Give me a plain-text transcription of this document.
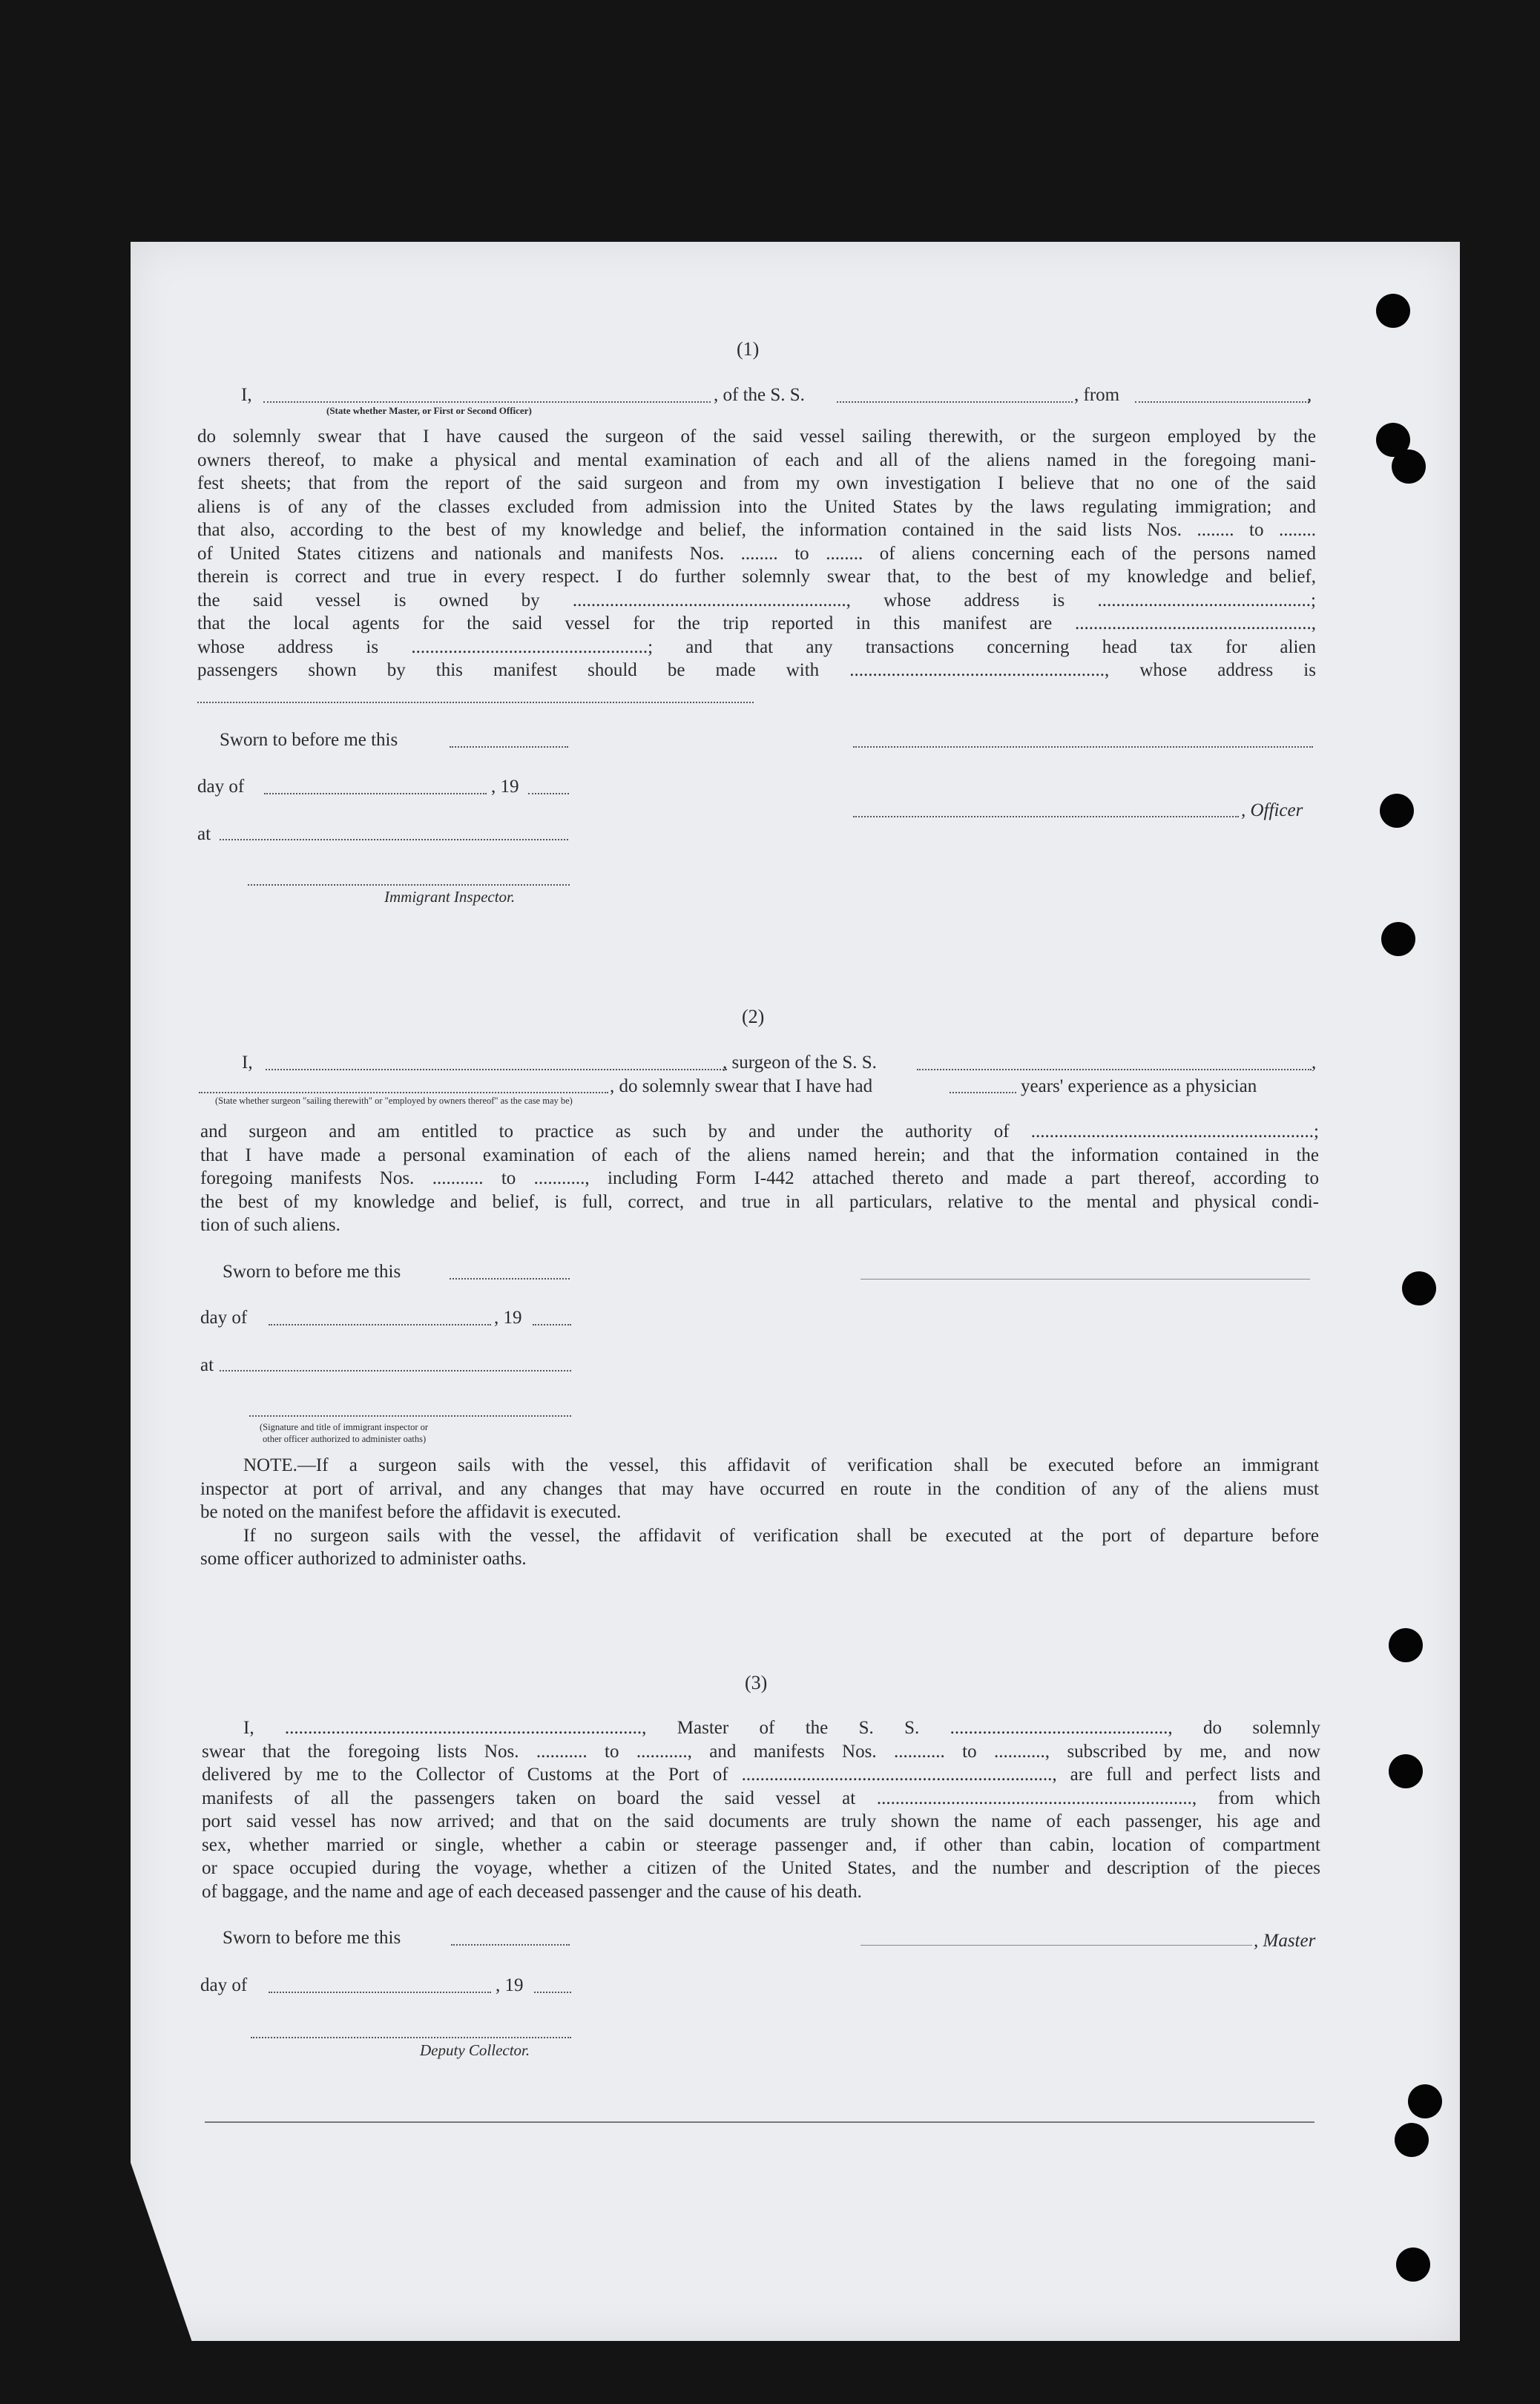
(1)
I,	, of the S. S.	, from	,
(State whether Master, or First or Second Officer)
do solemnly swear that I have caused the surgeon of the said vessel sailing therewith, or the surgeon employed by the
owners thereof, to make a physical and mental examination of each and all of the aliens named in the foregoing mani-
fest sheets; that from the report of the said surgeon and from my own investigation I believe that no one of the said
aliens is of any of the classes excluded from admission into the United States by the laws regulating immigration; and
that also, according to the best of my knowledge and belief, the information contained in the said lists Nos. ........ to ........
of United States citizens and nationals and manifests Nos. ........ to ........ of aliens concerning each of the persons named
therein is correct and true in every respect. I do further solemnly swear that, to the best of my knowledge and belief,
the said vessel is owned by ..........................................................., whose address is ..............................................;
that the local agents for the said vessel for the trip reported in this manifest are ...................................................,
whose address is ...................................................; and that any transactions concerning head tax for alien
passengers shown by this manifest should be made with ......................................................., whose address is
Sworn to before me this
day of	, 19
, Officer
at
Immigrant Inspector.
(2)
I,	, surgeon of the S. S.	,
, do solemnly swear that I have had	years' experience as a physician
(State whether surgeon "sailing therewith" or "employed by owners thereof" as the case may be)
and surgeon and am entitled to practice as such by and under the authority of .............................................................;
that I have made a personal examination of each of the aliens named herein; and that the information contained in the
foregoing manifests Nos. ........... to ..........., including Form I-442 attached thereto and made a part thereof, according to
the best of my knowledge and belief, is full, correct, and true in all particulars, relative to the mental and physical condi-
tion of such aliens.
Sworn to before me this
day of	, 19
at
(Signature and title of immigrant inspector or
other officer authorized to administer oaths)
NOTE.—If a surgeon sails with the vessel, this affidavit of verification shall be executed before an immigrant
inspector at port of arrival, and any changes that may have occurred en route in the condition of any of the aliens must
be noted on the manifest before the affidavit is executed.
If no surgeon sails with the vessel, the affidavit of verification shall be executed at the port of departure before
some officer authorized to administer oaths.
(3)
I, ............................................................................., Master of the S. S. ..............................................., do solemnly
swear that the foregoing lists Nos. ........... to ..........., and manifests Nos. ........... to ..........., subscribed by me, and now
delivered by me to the Collector of Customs at the Port of ..................................................................., are full and perfect lists and
manifests of all the passengers taken on board the said vessel at ...................................................................., from which
port said vessel has now arrived; and that on the said documents are truly shown the name of each passenger, his age and
sex, whether married or single, whether a cabin or steerage passenger and, if other than cabin, location of compartment
or space occupied during the voyage, whether a citizen of the United States, and the number and description of the pieces
of baggage, and the name and age of each deceased passenger and the cause of his death.
Sworn to before me this	, Master
day of	, 19
Deputy Collector.
